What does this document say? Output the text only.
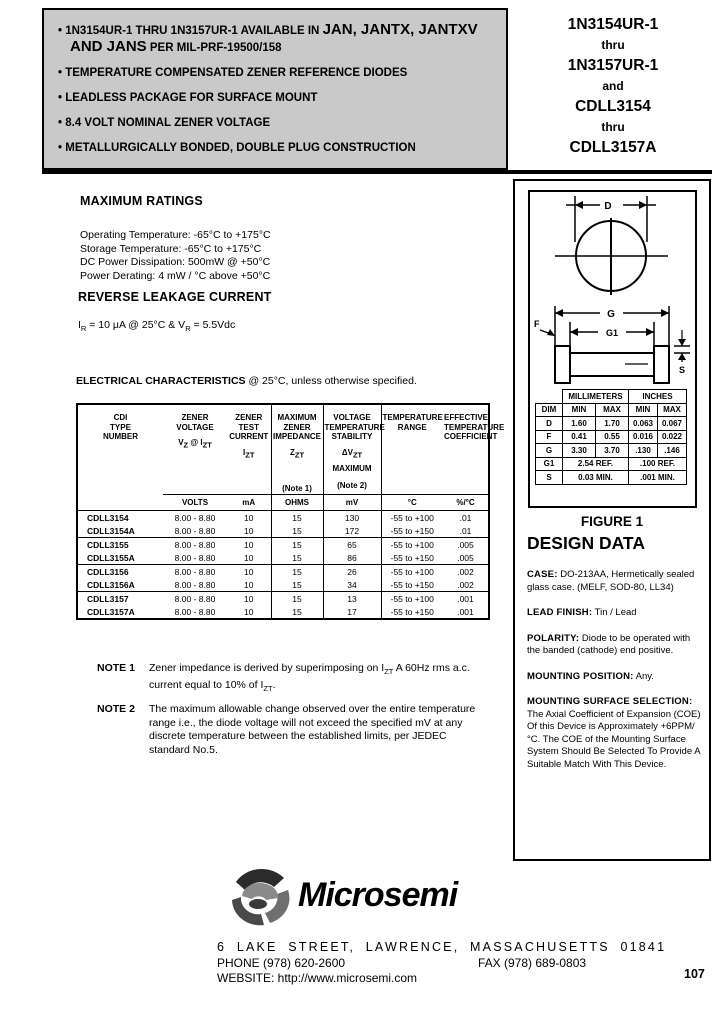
• 1N3154UR-1 THRU 1N3157UR-1 AVAILABLE IN JAN, JANTX, JANTXV AND JANS PER MIL-PRF-19500/158
• TEMPERATURE COMPENSATED ZENER REFERENCE DIODES
• LEADLESS PACKAGE FOR SURFACE MOUNT
• 8.4 VOLT NOMINAL ZENER VOLTAGE
• METALLURGICALLY BONDED, DOUBLE PLUG CONSTRUCTION
1N3154UR-1
thru
1N3157UR-1
and
CDLL3154
thru
CDLL3157A
MAXIMUM RATINGS
Operating Temperature: -65°C to +175°C
Storage Temperature: -65°C to +175°C
DC Power Dissipation: 500mW @ +50°C
Power Derating: 4 mW / °C above +50°C
REVERSE LEAKAGE CURRENT
$I_R = 10$ μA @ 25°C & $V_R = 5.5Vdc$
ELECTRICAL CHARACTERISTICS @ 25°C, unless otherwise specified.
CDI
TYPE
NUMBER

ZENER
VOLTAGE
$V_Z$ @ $I_{ZT}$

ZENER
TEST
CURRENT
$I_{ZT}$

MAXIMUM
ZENER
IMPEDANCE
$Z_{ZT}$
(Note 1)

VOLTAGE
TEMPERATURE
STABILITY
$\Delta V_{ZT}$
MAXIMUM
(Note 2)

TEMPERATURE
RANGE

EFFECTIVE
TEMPERATURE
COEFFICIENT

	VOLTS	mA	OHMS	mV	°C	%/°C
CDLL3154	8.00 - 8.80	10	15	130	-55 to +100	.01
CDLL3154A	8.00 - 8.80	10	15	172	-55 to +150	.01
CDLL3155	8.00 - 8.80	10	15	65	-55 to +100	.005
CDLL3155A	8.00 - 8.80	10	15	86	-55 to +150	.005
CDLL3156	8.00 - 8.80	10	15	26	-55 to +100	.002
CDLL3156A	8.00 - 8.80	10	15	34	-55 to +150	.002
CDLL3157	8.00 - 8.80	10	15	13	-55 to +100	.001
CDLL3157A	8.00 - 8.80	10	15	17	-55 to +150	.001
NOTE 1	Zener impedance is derived by superimposing on $I_{ZT}$ A 60Hz rms a.c. current equal to 10% of $I_{ZT}$.
NOTE 2	The maximum allowable change observed over the entire temperature range i.e., the diode voltage will not exceed the specified mV at any discrete temperature between the established limits, per JEDEC standard No.5.
D
G
G1
F
S
	MILLIMETERS		INCHES	
DIM	MIN	MAX	MIN	MAX
D	1.60	1.70	0.063	0.067
F	0.41	0.55	0.016	0.022
G	3.30	3.70	.130	.146
G1	2.54 REF.		.100 REF.	
S	0.03 MIN.		.001 MIN.	
FIGURE 1
DESIGN DATA
CASE: DO-213AA, Hermetically sealed glass case. (MELF, SOD-80, LL34)
LEAD FINISH: Tin / Lead
POLARITY: Diode to be operated with the banded (cathode) end positive.
MOUNTING POSITION: Any.
MOUNTING SURFACE SELECTION:
The Axial Coefficient of Expansion (COE) Of this Device is Approximately +6PPM/°C. The COE of the Mounting Surface System Should Be Selected To Provide A Suitable Match With This Device.
Microsemi
6 LAKE STREET, LAWRENCE, MASSACHUSETTS 01841
PHONE (978) 620-2600	FAX (978) 689-0803
WEBSITE: http://www.microsemi.com	107
